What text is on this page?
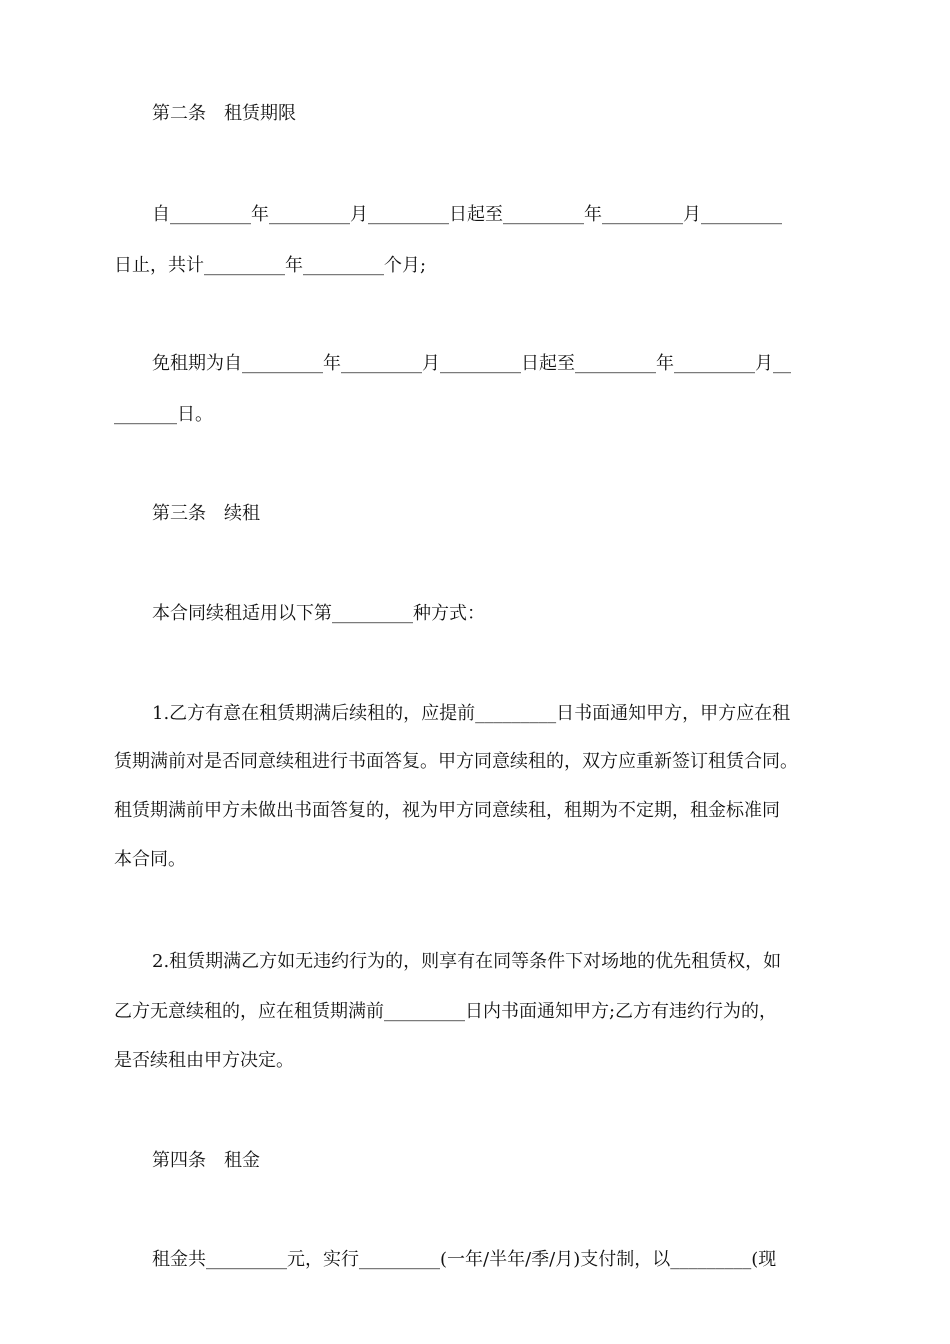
第二条　租赁期限
自_________年_________月_________日起至_________年_________月_________
日止，共计_________年_________个月;
免租期为自_________年_________月_________日起至_________年_________月__
_______日。
第三条　续租
本合同续租适用以下第_________种方式：
1.乙方有意在租赁期满后续租的，应提前_________日书面通知甲方，甲方应在租
赁期满前对是否同意续租进行书面答复。甲方同意续租的，双方应重新签订租赁合同。
租赁期满前甲方未做出书面答复的，视为甲方同意续租，租期为不定期，租金标准同
本合同。
2.租赁期满乙方如无违约行为的，则享有在同等条件下对场地的优先租赁权，如
乙方无意续租的，应在租赁期满前_________日内书面通知甲方;乙方有违约行为的，
是否续租由甲方决定。
第四条　租金
租金共_________元，实行_________(一年/半年/季/月)支付制，以_________(现
